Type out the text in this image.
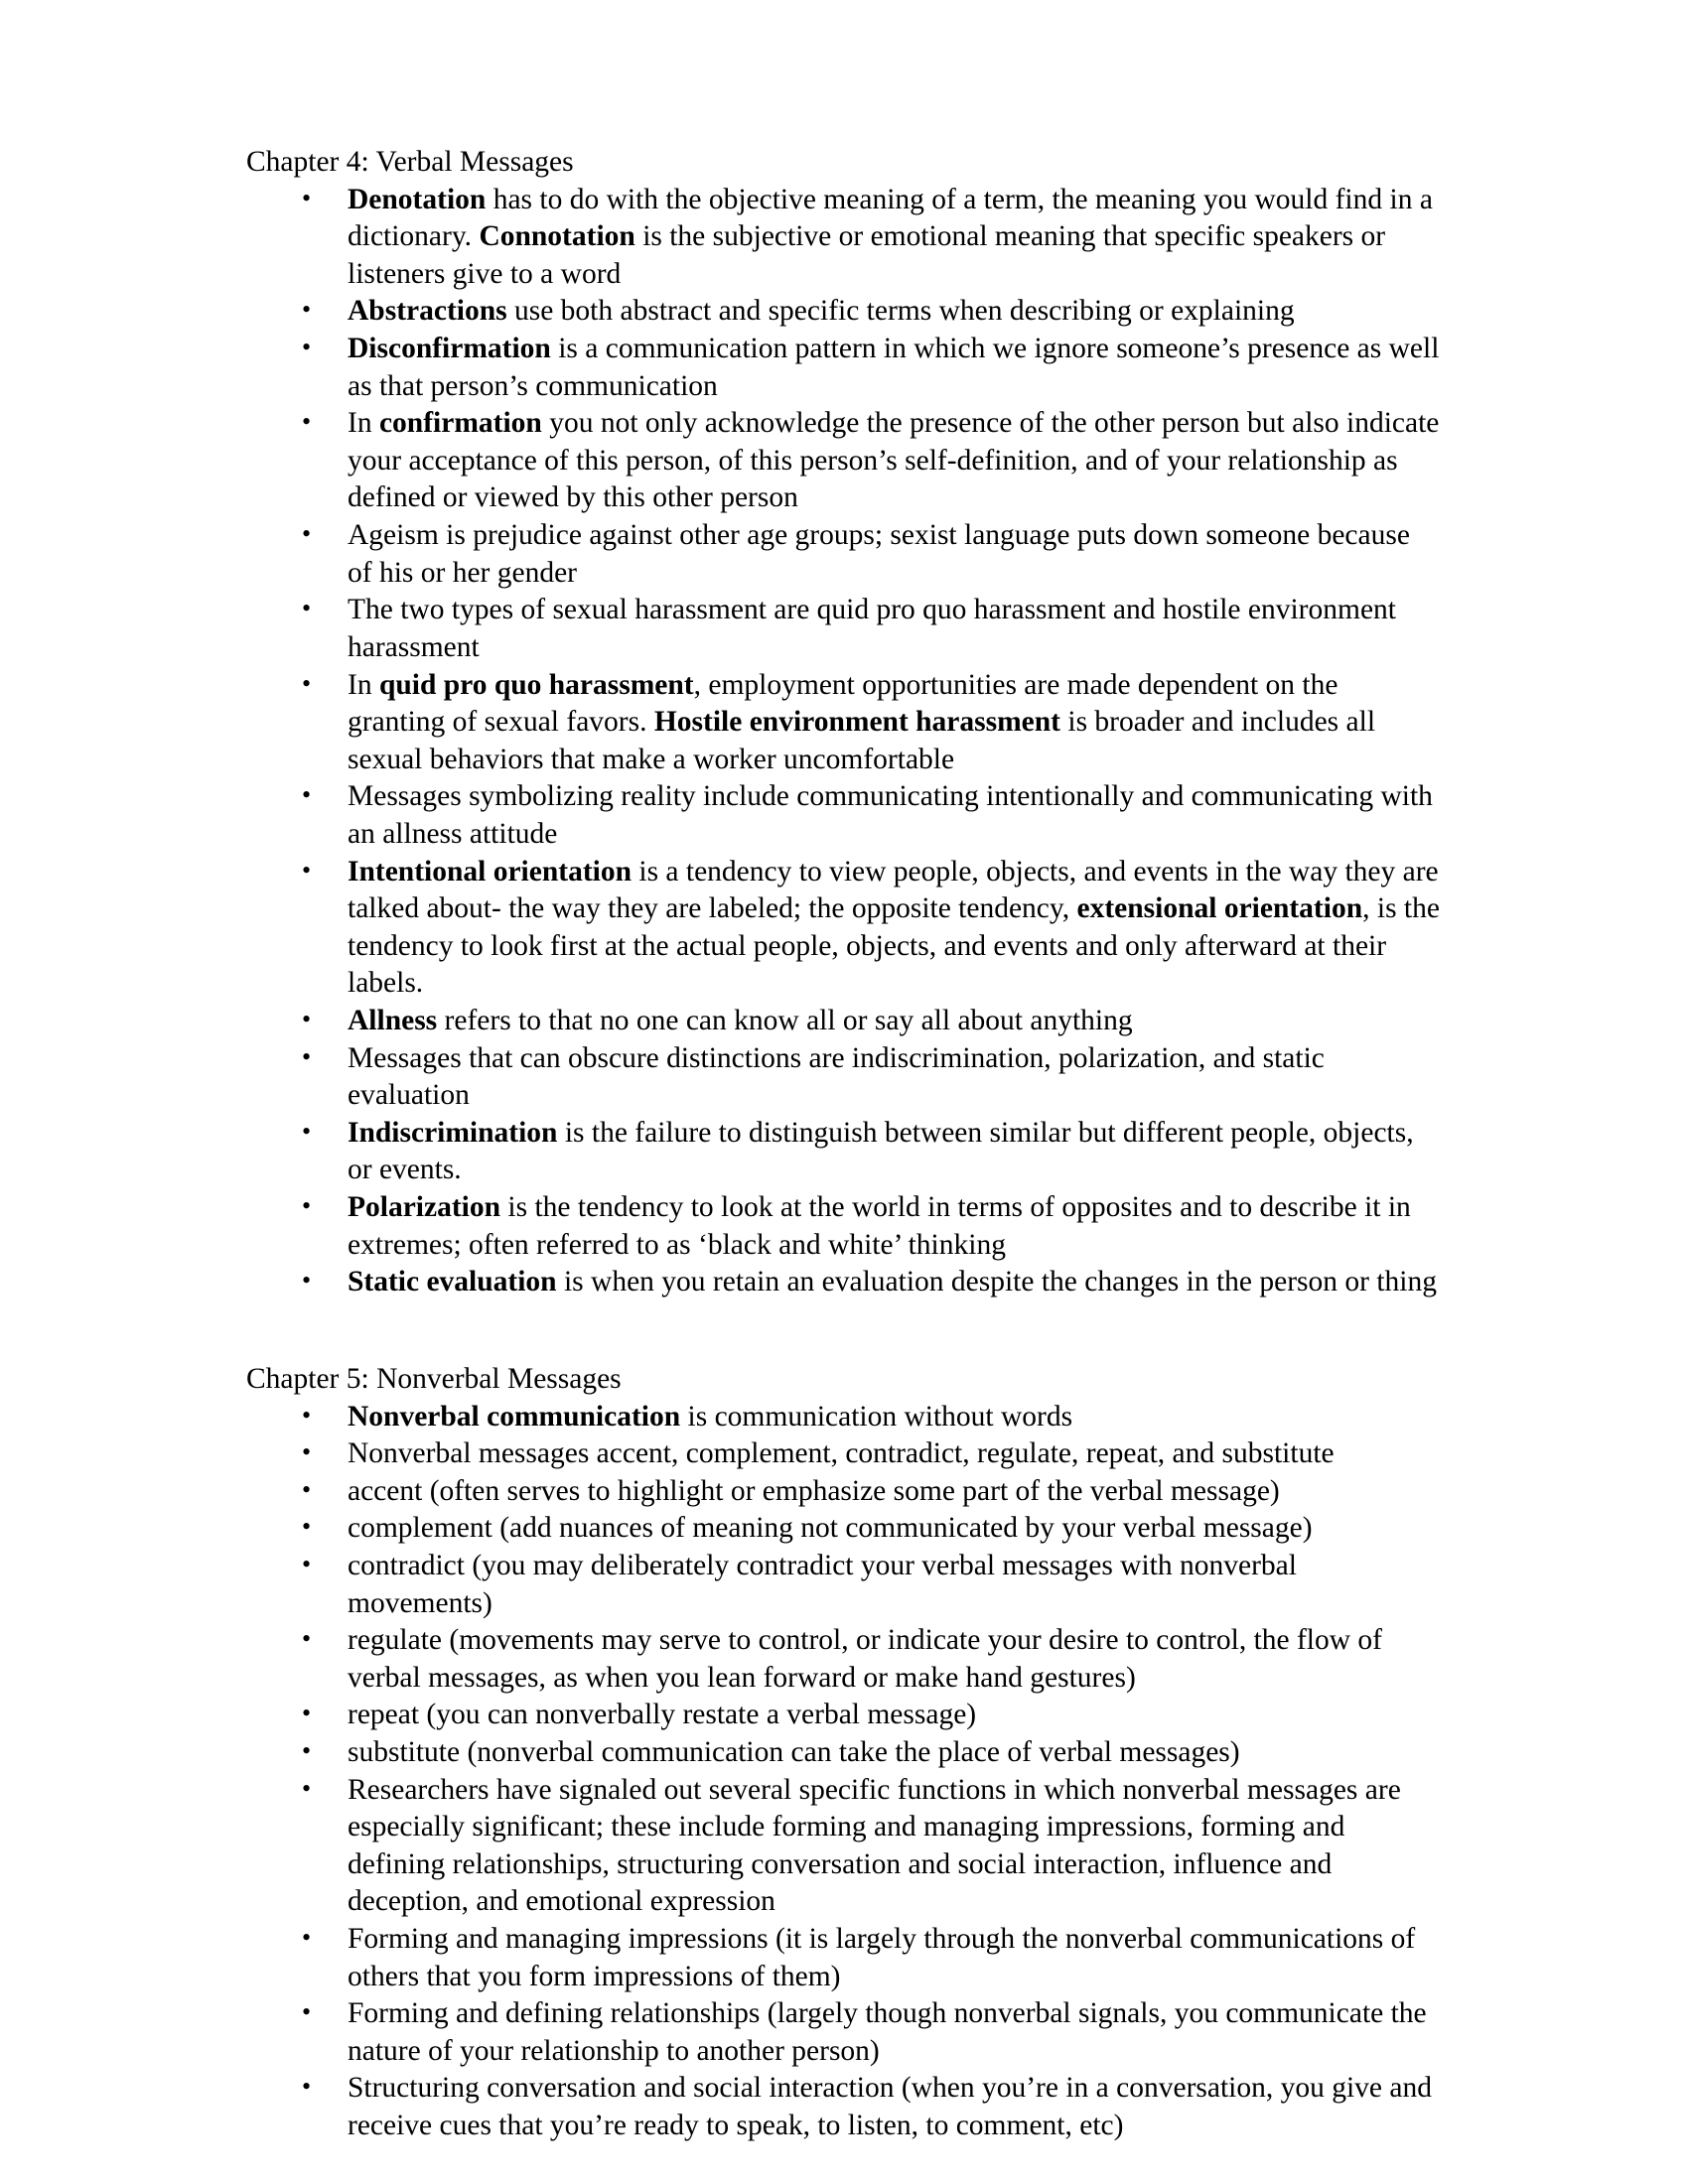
Chapter 4: Verbal Messages

• Denotation has to do with the objective meaning of a term, the meaning you would find in a dictionary. Connotation is the subjective or emotional meaning that specific speakers or listeners give to a word
• Abstractions use both abstract and specific terms when describing or explaining
• Disconfirmation is a communication pattern in which we ignore someone’s presence as well as that person’s communication
• In confirmation you not only acknowledge the presence of the other person but also indicate your acceptance of this person, of this person’s self-definition, and of your relationship as defined or viewed by this other person
• Ageism is prejudice against other age groups; sexist language puts down someone because of his or her gender
• The two types of sexual harassment are quid pro quo harassment and hostile environment harassment
• In quid pro quo harassment, employment opportunities are made dependent on the granting of sexual favors. Hostile environment harassment is broader and includes all sexual behaviors that make a worker uncomfortable
• Messages symbolizing reality include communicating intentionally and communicating with an allness attitude
• Intentional orientation is a tendency to view people, objects, and events in the way they are talked about- the way they are labeled; the opposite tendency, extensional orientation, is the tendency to look first at the actual people, objects, and events and only afterward at their labels.
• Allness refers to that no one can know all or say all about anything
• Messages that can obscure distinctions are indiscrimination, polarization, and static evaluation
• Indiscrimination is the failure to distinguish between similar but different people, objects, or events.
• Polarization is the tendency to look at the world in terms of opposites and to describe it in extremes; often referred to as ‘black and white’ thinking
• Static evaluation is when you retain an evaluation despite the changes in the person or thing

Chapter 5: Nonverbal Messages

• Nonverbal communication is communication without words
• Nonverbal messages accent, complement, contradict, regulate, repeat, and substitute
• accent (often serves to highlight or emphasize some part of the verbal message)
• complement (add nuances of meaning not communicated by your verbal message)
• contradict (you may deliberately contradict your verbal messages with nonverbal movements)
• regulate (movements may serve to control, or indicate your desire to control, the flow of verbal messages, as when you lean forward or make hand gestures)
• repeat (you can nonverbally restate a verbal message)
• substitute (nonverbal communication can take the place of verbal messages)
• Researchers have signaled out several specific functions in which nonverbal messages are especially significant; these include forming and managing impressions, forming and defining relationships, structuring conversation and social interaction, influence and deception, and emotional expression
• Forming and managing impressions (it is largely through the nonverbal communications of others that you form impressions of them)
• Forming and defining relationships (largely though nonverbal signals, you communicate the nature of your relationship to another person)
• Structuring conversation and social interaction (when you’re in a conversation, you give and receive cues that you’re ready to speak, to listen, to comment, etc)
